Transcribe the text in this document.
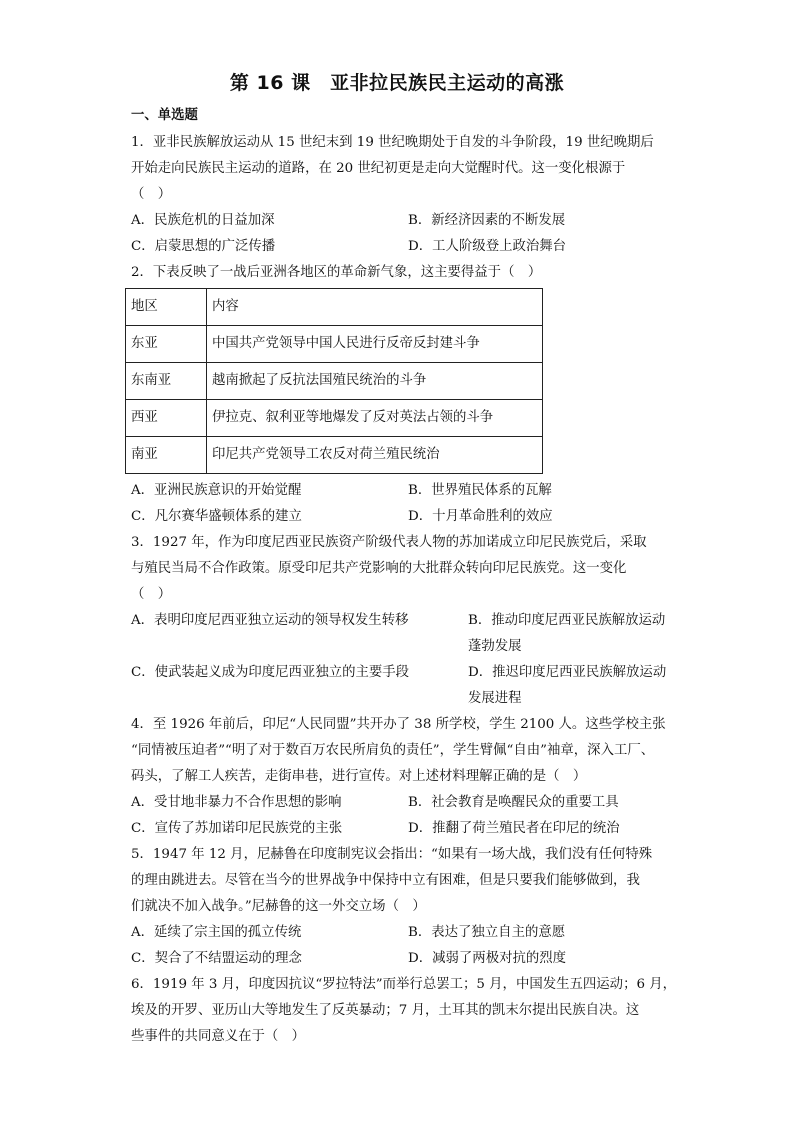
第 16 课　亚非拉民族民主运动的高涨
一、单选题
1．亚非民族解放运动从 15 世纪末到 19 世纪晚期处于自发的斗争阶段，19 世纪晚期后
开始走向民族民主运动的道路，在 20 世纪初更是走向大觉醒时代。这一变化根源于
（　）
A．民族危机的日益加深	B．新经济因素的不断发展
C．启蒙思想的广泛传播	D．工人阶级登上政治舞台
2．下表反映了一战后亚洲各地区的革命新气象，这主要得益于（　）
地区	内容
东亚	中国共产党领导中国人民进行反帝反封建斗争
东南亚	越南掀起了反抗法国殖民统治的斗争
西亚	伊拉克、叙利亚等地爆发了反对英法占领的斗争
南亚	印尼共产党领导工农反对荷兰殖民统治
A．亚洲民族意识的开始觉醒	B．世界殖民体系的瓦解
C．凡尔赛华盛顿体系的建立	D．十月革命胜利的效应
3．1927 年，作为印度尼西亚民族资产阶级代表人物的苏加诺成立印尼民族党后，采取
与殖民当局不合作政策。原受印尼共产党影响的大批群众转向印尼民族党。这一变化
（　）
A．表明印度尼西亚独立运动的领导权发生转移	B．推动印度尼西亚民族解放运动蓬勃发展
C．使武装起义成为印度尼西亚独立的主要手段	D．推迟印度尼西亚民族解放运动发展进程
4．至 1926 年前后，印尼“人民同盟”共开办了 38 所学校，学生 2100 人。这些学校主张
“同情被压迫者”“明了对于数百万农民所肩负的责任”，学生臂佩“自由”袖章，深入工厂、
码头，了解工人疾苦，走街串巷，进行宣传。对上述材料理解正确的是（　）
A．受甘地非暴力不合作思想的影响	B．社会教育是唤醒民众的重要工具
C．宣传了苏加诺印尼民族党的主张	D．推翻了荷兰殖民者在印尼的统治
5．1947 年 12 月，尼赫鲁在印度制宪议会指出：“如果有一场大战，我们没有任何特殊
的理由跳进去。尽管在当今的世界战争中保持中立有困难，但是只要我们能够做到，我
们就决不加入战争。”尼赫鲁的这一外交立场（　）
A．延续了宗主国的孤立传统	B．表达了独立自主的意愿
C．契合了不结盟运动的理念	D．减弱了两极对抗的烈度
6．1919 年 3 月，印度因抗议“罗拉特法”而举行总罢工；5 月，中国发生五四运动；6 月，
埃及的开罗、亚历山大等地发生了反英暴动；7 月，土耳其的凯末尔提出民族自决。这
些事件的共同意义在于（　）
